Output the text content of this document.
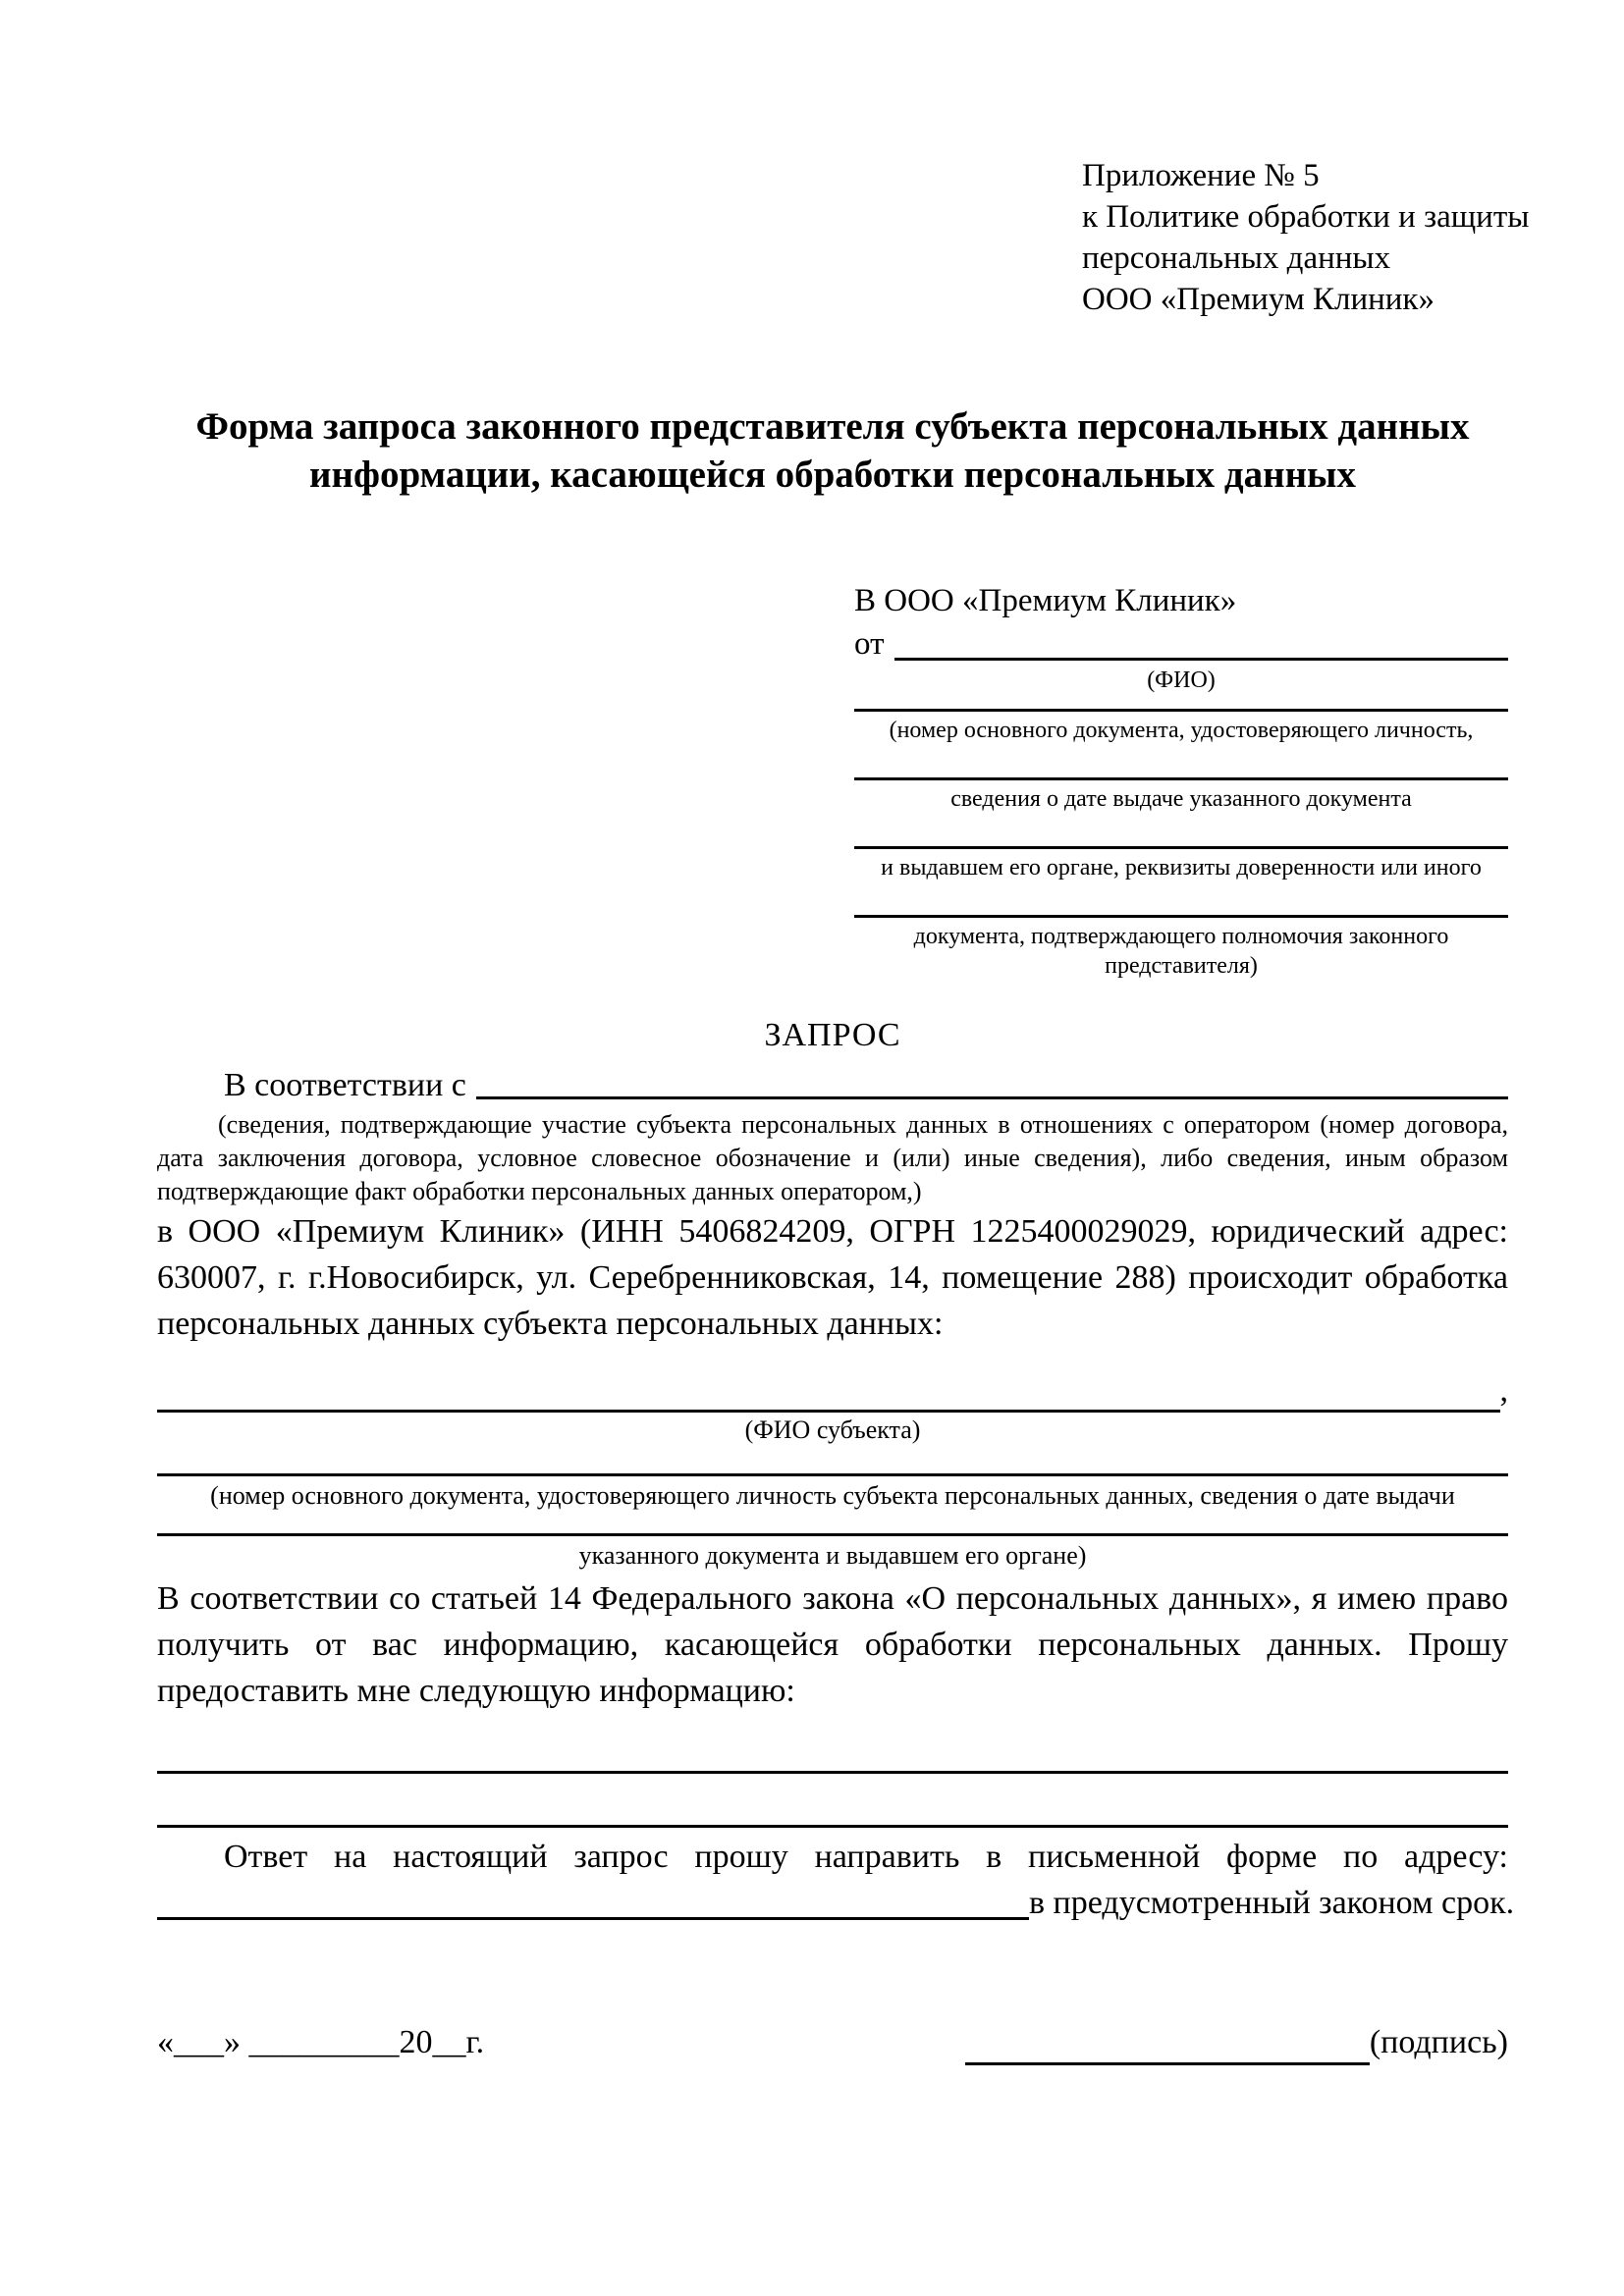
Приложение № 5
к Политике обработки и защиты
персональных данных
ООО «Премиум Клиник»
Форма запроса законного представителя субъекта персональных данных
информации, касающейся обработки персональных данных
В ООО «Премиум Клиник»
от
(ФИО)
(номер основного документа, удостоверяющего личность,
сведения о дате выдаче указанного документа
и выдавшем его органе, реквизиты доверенности или иного
документа, подтверждающего полномочия законного представителя)
ЗАПРОС
В соответствии с
(сведения, подтверждающие участие субъекта персональных данных в отношениях с оператором (номер договора, дата заключения договора, условное словесное обозначение и (или) иные сведения), либо сведения, иным образом подтверждающие факт обработки персональных данных оператором,)
в ООО «Премиум Клиник» (ИНН 5406824209, ОГРН 1225400029029, юридический адрес: 630007, г. г.Новосибирск, ул. Серебренниковская, 14, помещение 288) происходит обработка персональных данных субъекта персональных данных:
,
(ФИО субъекта)
(номер основного документа, удостоверяющего личность субъекта персональных данных, сведения о дате выдачи
указанного документа и выдавшем его органе)
В соответствии со статьей 14 Федерального закона «О персональных данных», я имею право получить от вас информацию, касающейся обработки персональных данных. Прошу предоставить мне следующую информацию:
Ответ на настоящий запрос прошу направить в письменной форме по адресу:
в предусмотренный законом срок.
«___» _________20__г.	(подпись)
